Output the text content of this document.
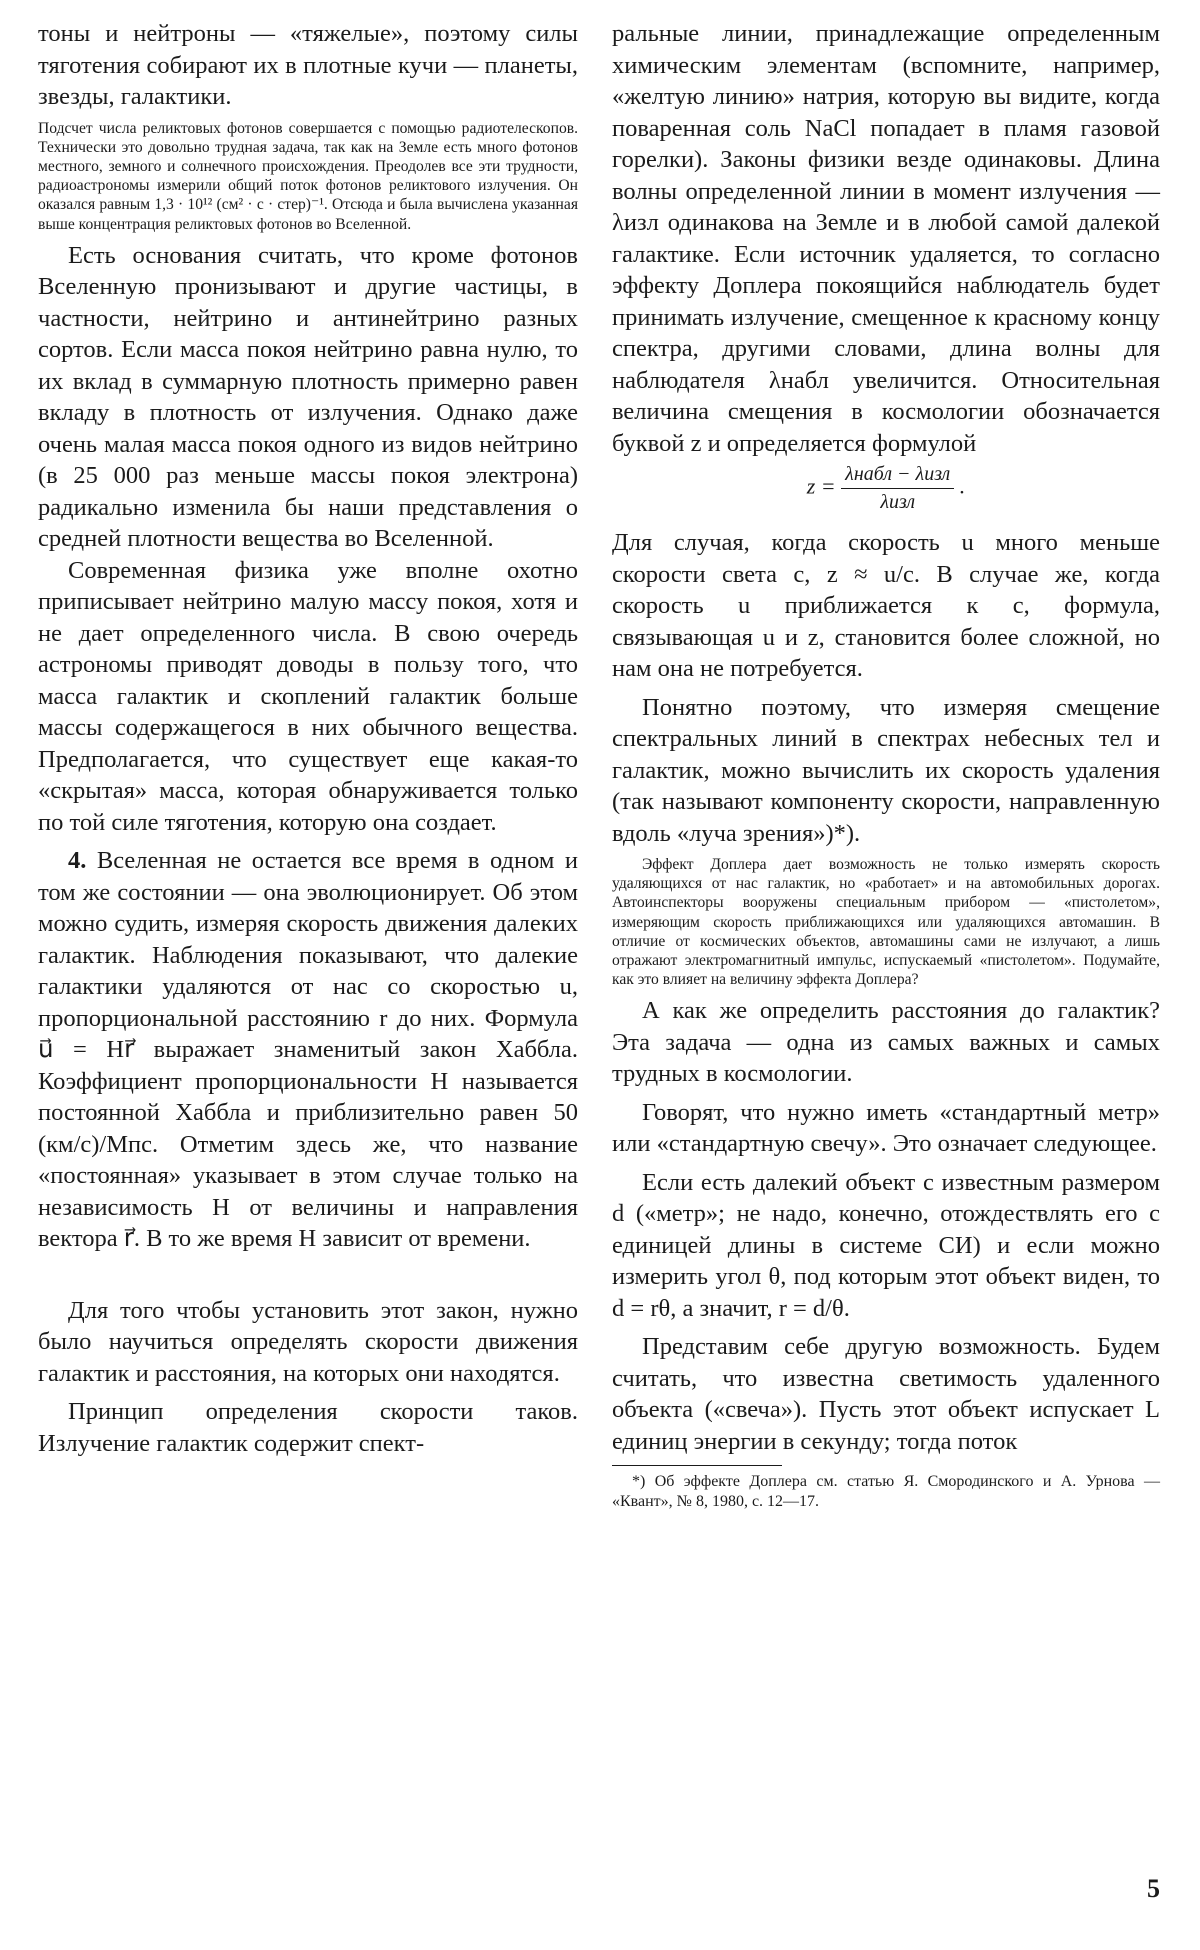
тоны и нейтроны — «тяжелые», поэтому силы тяготения собирают их в плотные кучи — планеты, звезды, галактики.

Подсчет числа реликтовых фотонов совершается с помощью радиотелескопов. Технически это довольно трудная задача, так как на Земле есть много фотонов местного, земного и солнечного происхождения. Преодолев все эти трудности, радиоастрономы измерили общий поток фотонов реликтового излучения. Он оказался равным 1,3 · 10¹² (см² · с · стер)⁻¹. Отсюда и была вычислена указанная выше концентрация реликтовых фотонов во Вселенной.

Есть основания считать, что кроме фотонов Вселенную пронизывают и другие частицы, в частности, нейтрино и антинейтрино разных сортов. Если масса покоя нейтрино равна нулю, то их вклад в суммарную плотность примерно равен вкладу в плотность от излучения. Однако даже очень малая масса покоя одного из видов нейтрино (в 25 000 раз меньше массы покоя электрона) радикально изменила бы наши представления о средней плотности вещества во Вселенной.

Современная физика уже вполне охотно приписывает нейтрино малую массу покоя, хотя и не дает определенного числа. В свою очередь астрономы приводят доводы в пользу того, что масса галактик и скоплений галактик больше массы содержащегося в них обычного вещества. Предполагается, что существует еще какая-то «скрытая» масса, которая обнаруживается только по той силе тяготения, которую она создает.

4. Вселенная не остается все время в одном и том же состоянии — она эволюционирует. Об этом можно судить, измеряя скорость движения далеких галактик. Наблюдения показывают, что далекие галактики удаляются от нас со скоростью u, пропорциональной расстоянию r до них. Формула u⃗ = Hr⃗ выражает знаменитый закон Хаббла. Коэффициент пропорциональности H называется постоянной Хаббла и приблизительно равен 50 (км/с)/Мпс. Отметим здесь же, что название «постоянная» указывает в этом случае только на независимость H от величины и направления вектора r⃗. В то же время H зависит от времени.

Для того чтобы установить этот закон, нужно было научиться определять скорости движения галактик и расстояния, на которых они находятся.

Принцип определения скорости таков. Излучение галактик содержит спект-

ральные линии, принадлежащие определенным химическим элементам (вспомните, например, «желтую линию» натрия, которую вы видите, когда поваренная соль NaCl попадает в пламя газовой горелки). Законы физики везде одинаковы. Длина волны определенной линии в момент излучения — λизл одинакова на Земле и в любой самой далекой галактике. Если источник удаляется, то согласно эффекту Доплера покоящийся наблюдатель будет принимать излучение, смещенное к красному концу спектра, другими словами, длина волны для наблюдателя λнабл увеличится. Относительная величина смещения в космологии обозначается буквой z и определяется формулой

$z = \frac{\text{λнабл − λизл}}{\text{λизл}}$ .

Для случая, когда скорость u много меньше скорости света c, z ≈ u/c. В случае же, когда скорость u приближается к c, формула, связывающая u и z, становится более сложной, но нам она не потребуется.

Понятно поэтому, что измеряя смещение спектральных линий в спектрах небесных тел и галактик, можно вычислить их скорость удаления (так называют компоненту скорости, направленную вдоль «луча зрения»)*).

Эффект Доплера дает возможность не только измерять скорость удаляющихся от нас галактик, но «работает» и на автомобильных дорогах. Автоинспекторы вооружены специальным прибором — «пистолетом», измеряющим скорость приближающихся или удаляющихся автомашин. В отличие от космических объектов, автомашины сами не излучают, а лишь отражают электромагнитный импульс, испускаемый «пистолетом». Подумайте, как это влияет на величину эффекта Доплера?

А как же определить расстояния до галактик? Эта задача — одна из самых важных и самых трудных в космологии.

Говорят, что нужно иметь «стандартный метр» или «стандартную свечу». Это означает следующее.

Если есть далекий объект с известным размером d («метр»; не надо, конечно, отождествлять его с единицей длины в системе СИ) и если можно измерить угол θ, под которым этот объект виден, то d = rθ, а значит, r = d/θ.

Представим себе другую возможность. Будем считать, что известна светимость удаленного объекта («свеча»). Пусть этот объект испускает L единиц энергии в секунду; тогда поток

*) Об эффекте Доплера см. статью Я. Смородинского и А. Урнова — «Квант», № 8, 1980, с. 12—17.

5
